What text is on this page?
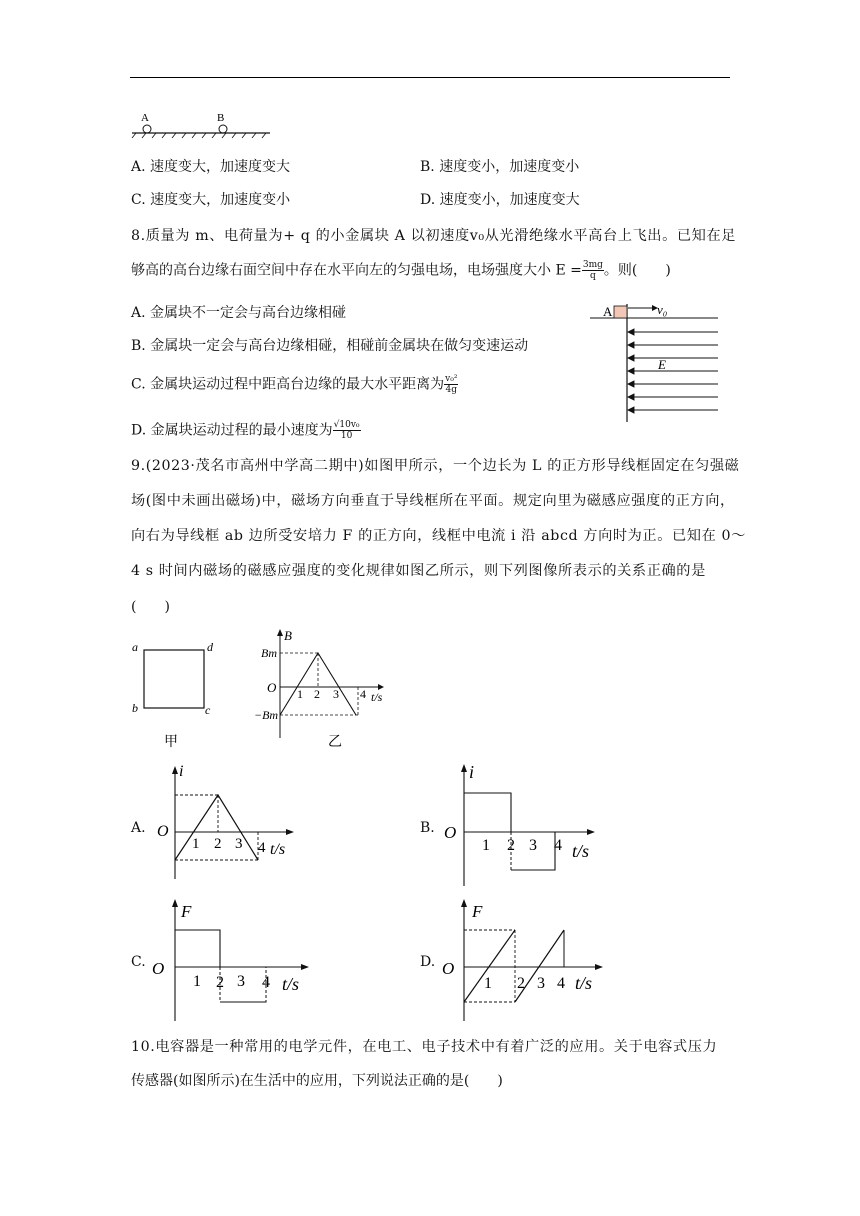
A	B
A. 速度变大，加速度变大	B. 速度变小，加速度变小
C. 速度变大，加速度变小	D. 速度变小，加速度变大
8.质量为 m、电荷量为+ q 的小金属块 A 以初速度v₀从光滑绝缘水平高台上飞出。已知在足
够高的高台边缘右面空间中存在水平向左的匀强电场，电场强度大小 $E = \frac{3mg}{q}$ 。则(　　)
A. 金属块不一定会与高台边缘相碰
B. 金属块一定会与高台边缘相碰，相碰前金属块在做匀变速运动
C. 金属块运动过程中距高台边缘的最大水平距离为 $\frac{\text{v₀²}}{4g}$
D. 金属块运动过程的最小速度为 $\frac{\text{√10v₀}}{10}$
A	v₀
E
9.(2023·茂名市高州中学高二期中)如图甲所示，一个边长为 L 的正方形导线框固定在匀强磁
场(图中未画出磁场)中，磁场方向垂直于导线框所在平面。规定向里为磁感应强度的正方向，
向右为导线框 ab 边所受安培力 F 的正方向，线框中电流 i 沿 abcd 方向时为正。已知在 0～
4 s 时间内磁场的磁感应强度的变化规律如图乙所示，则下列图像所表示的关系正确的是
(　　)
a	d
b	c
甲
B
Bm
−Bm
O 1 2 3 4 t/s
乙
A.
i
O
1 2 3 4 t/s
B.
i
O
1 2 3 4 t/s
C.
F
O
1 2 3 4 t/s
D.
F
O
1 2 3 4 t/s
10.电容器是一种常用的电学元件，在电工、电子技术中有着广泛的应用。关于电容式压力
传感器(如图所示)在生活中的应用，下列说法正确的是(　　)
